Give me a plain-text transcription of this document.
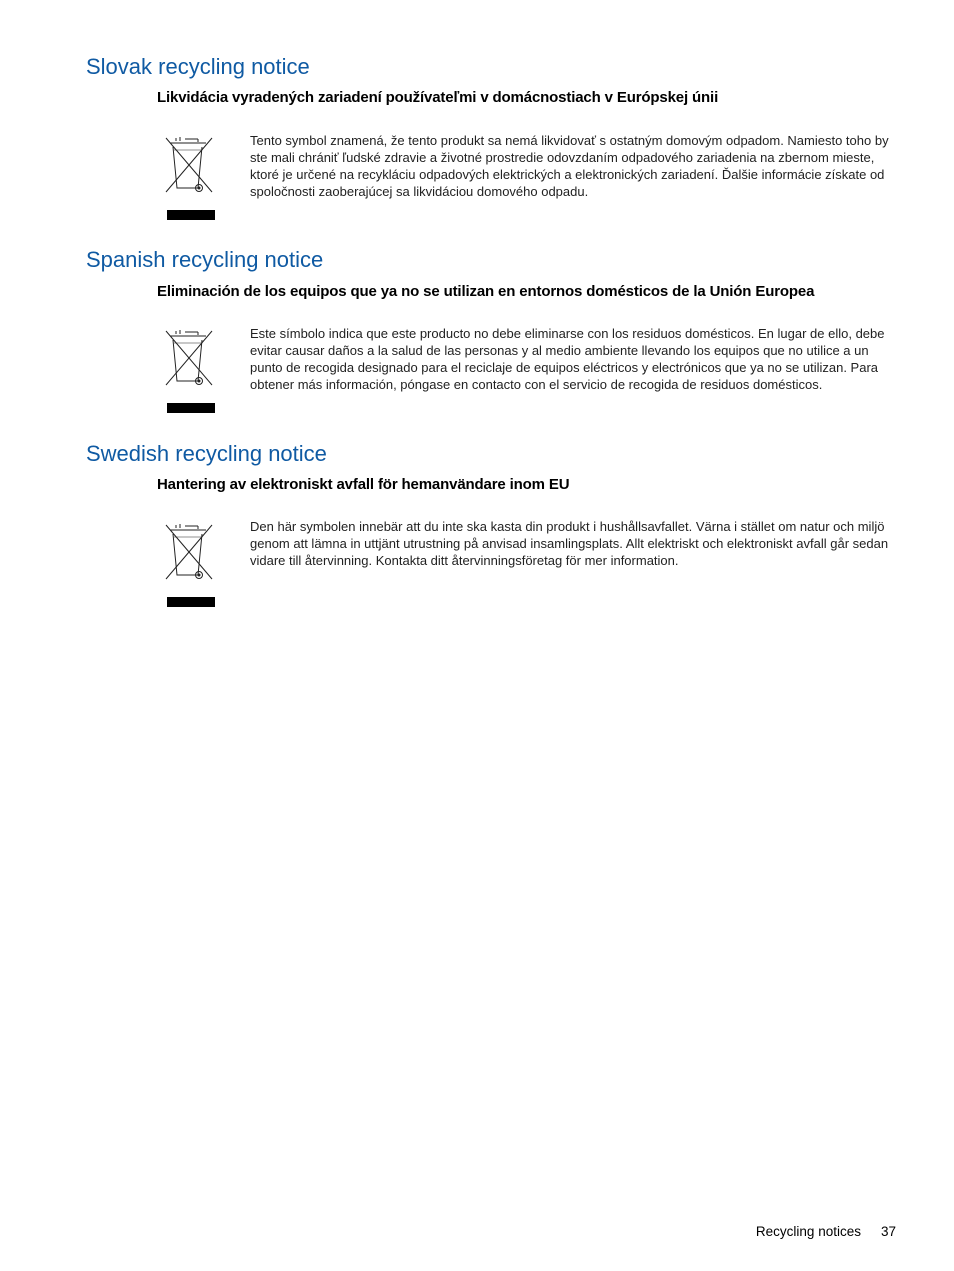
Slovak recycling notice
Likvidácia vyradených zariadení používateľmi v domácnostiach v Európskej únii

Tento symbol znamená, že tento produkt sa nemá likvidovať s ostatným domovým odpadom. Namiesto toho by ste mali chrániť ľudské zdravie a životné prostredie odovzdaním odpadového zariadenia na zbernom mieste, ktoré je určené na recykláciu odpadových elektrických a elektronických zariadení. Ďalšie informácie získate od spoločnosti zaoberajúcej sa likvidáciou domového odpadu.

Spanish recycling notice
Eliminación de los equipos que ya no se utilizan en entornos domésticos de la Unión Europea

Este símbolo indica que este producto no debe eliminarse con los residuos domésticos. En lugar de ello, debe evitar causar daños a la salud de las personas y al medio ambiente llevando los equipos que no utilice a un punto de recogida designado para el reciclaje de equipos eléctricos y electrónicos que ya no se utilizan. Para obtener más información, póngase en contacto con el servicio de recogida de residuos domésticos.

Swedish recycling notice
Hantering av elektroniskt avfall för hemanvändare inom EU

Den här symbolen innebär att du inte ska kasta din produkt i hushållsavfallet. Värna i stället om natur och miljö genom att lämna in uttjänt utrustning på anvisad insamlingsplats. Allt elektriskt och elektroniskt avfall går sedan vidare till återvinning. Kontakta ditt återvinningsföretag för mer information.

Recycling notices 37
